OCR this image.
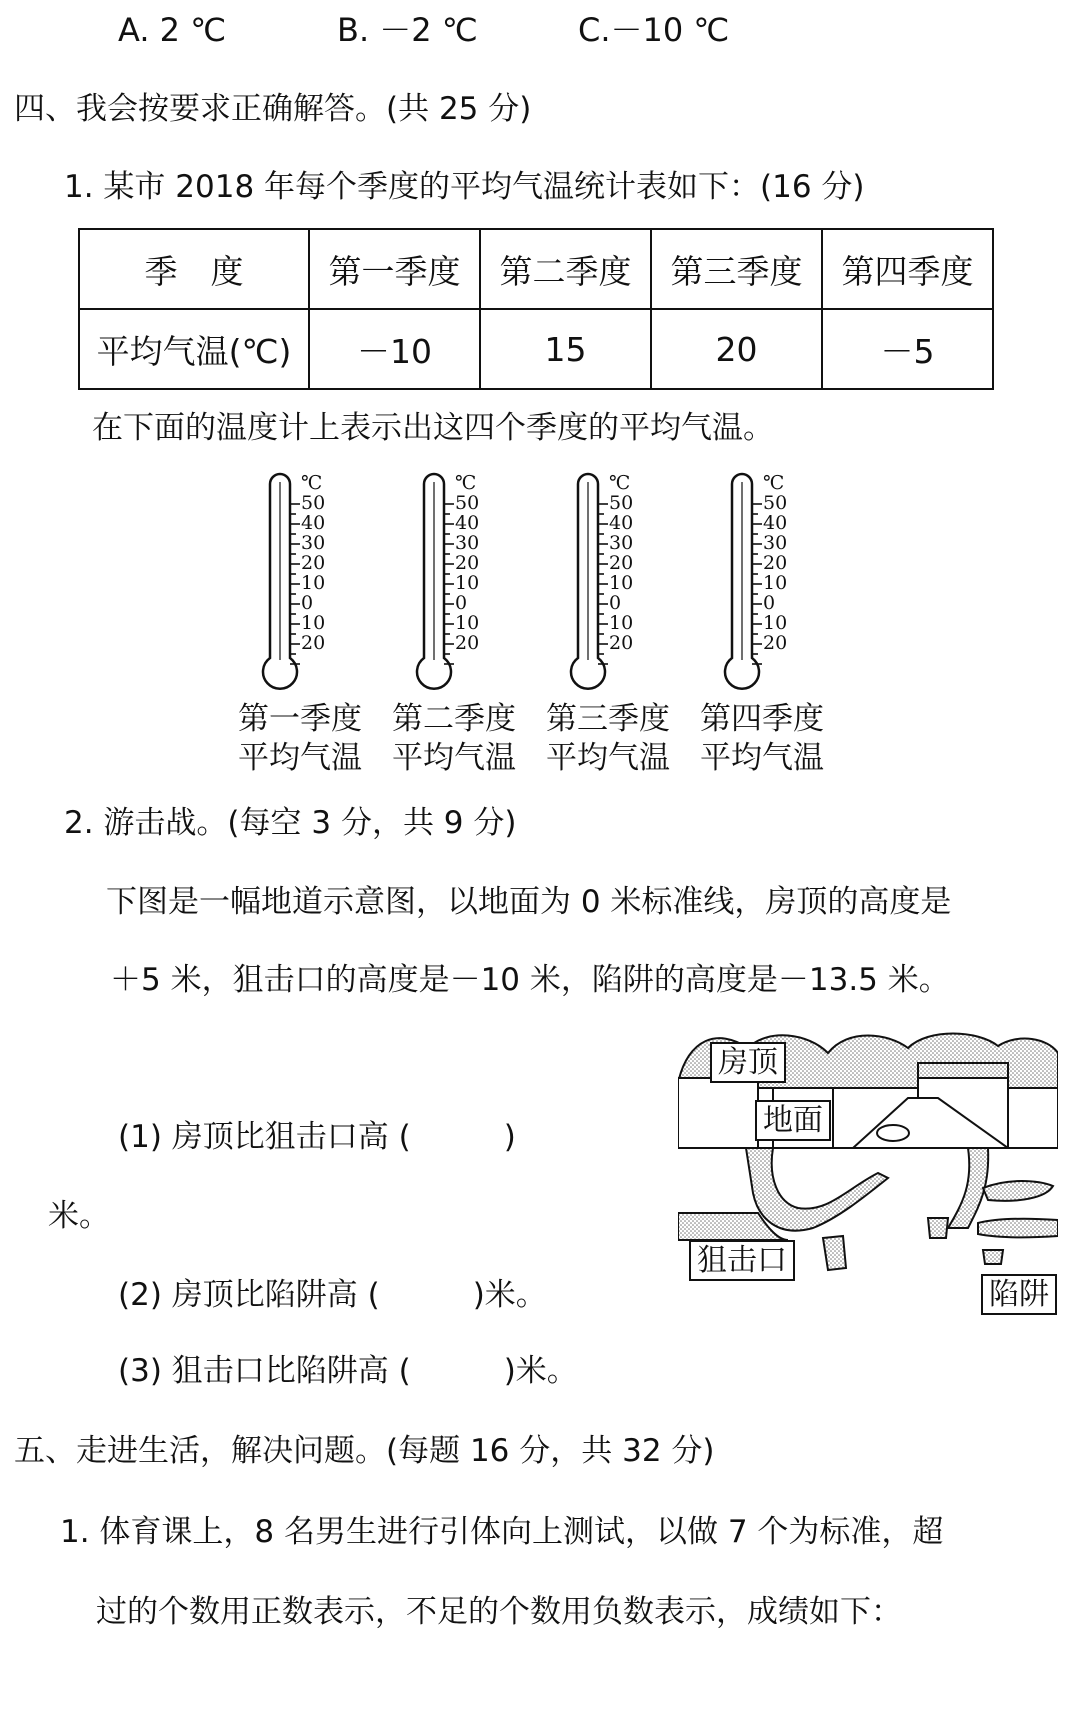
A. 2 ℃	B. －2 ℃	C.－10 ℃
四、我会按要求正确解答。(共 25 分)
1. 某市 2018 年每个季度的平均气温统计表如下：(16 分)
季　度	第一季度	第二季度	第三季度	第四季度
平均气温(℃)	－10	15	20	－5
在下面的温度计上表示出这四个季度的平均气温。
℃
50
40
30
20
10
0
10
20
℃
50
40
30
20
10
0
10
20
℃
50
40
30
20
10
0
10
20
℃
50
40
30
20
10
0
10
20
第一季度
平均气温
第二季度
平均气温
第三季度
平均气温
第四季度
平均气温
2. 游击战。(每空 3 分，共 9 分)
下图是一幅地道示意图，以地面为 0 米标准线，房顶的高度是
＋5 米，狙击口的高度是－10 米，陷阱的高度是－13.5 米。
(1) 房顶比狙击口高 (　　　)
米。
(2) 房顶比陷阱高 (　　　)米。
(3) 狙击口比陷阱高 (　　　)米。
房顶
地面
狙击口
陷阱
五、走进生活，解决问题。(每题 16 分，共 32 分)
1. 体育课上，8 名男生进行引体向上测试，以做 7 个为标准，超
过的个数用正数表示，不足的个数用负数表示，成绩如下：
